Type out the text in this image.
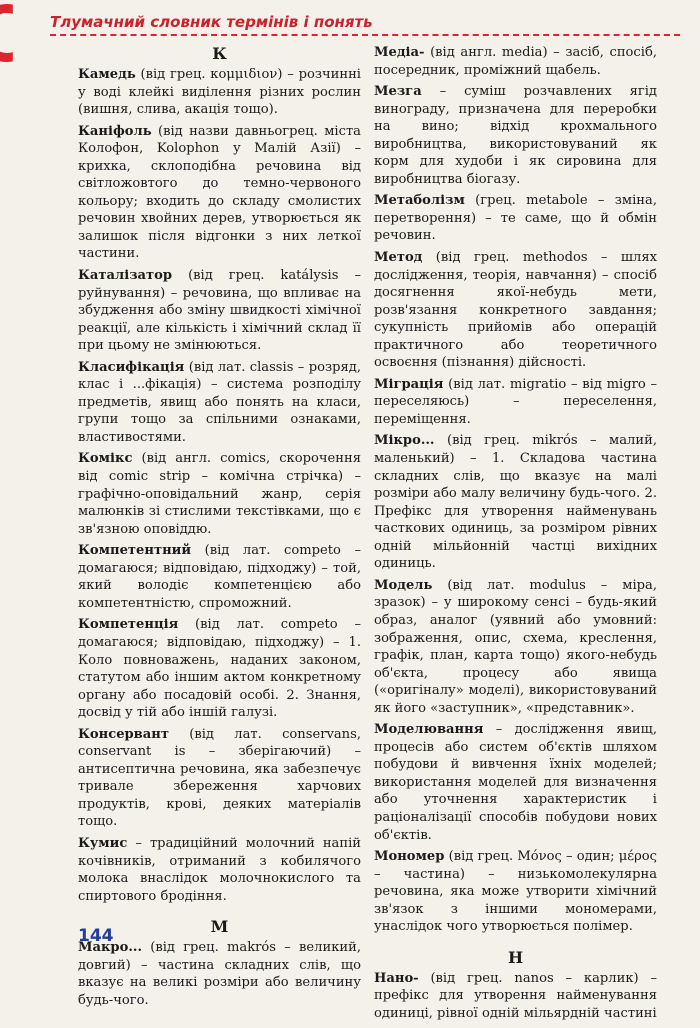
Тлумачний словник термінів і понять
К
Камедь (від грец. κομμιδιον) – розчинні у воді клейкі виділення різних рослин (вишня, слива, акація тощо).
Каніфоль (від назви давньогрец. міста Колофон, Kolophon у Малій Азії) – крихка, склоподібна речовина від світложовтого до темно-червоного кольору; входить до складу смолистих речовин хвойних дерев, утворюється як залишок після відгонки з них леткої частини.
Каталізатор (від грец. katálysis – руйнування) – речовина, що впливає на збудження або зміну швидкості хімічної реакції, але кількість і хімічний склад її при цьому не змінюються.
Класифікація (від лат. classis – розряд, клас і ...фікація) – система розподілу предметів, явищ або понять на класи, групи тощо за спільними ознаками, властивостями.
Комікс (від англ. comics, скорочення від comic strip – комічна стрічка) – графічно-оповідальний жанр, серія малюнків зі стислими текстівками, що є зв'язною оповіддю.
Компетентний (від лат. competo – домагаюся; відповідаю, підходжу) – той, який володіє компетенцією або компетентністю, спроможний.
Компетенція (від лат. competo – домагаюся; відповідаю, підходжу) – 1. Коло повноважень, наданих законом, статутом або іншим актом конкретному органу або посадовій особі. 2. Знання, досвід у тій або іншій галузі.
Консервант (від лат. conservans, conservant is – зберігаючий) – антисептична речовина, яка забезпечує тривале збереження харчових продуктів, крові, деяких матеріалів тощо.
Кумис – традиційний молочний напій кочівників, отриманий з кобилячого молока внаслідок молочнокислого та спиртового бродіння.
М
Макро... (від грец. makrós – великий, довгий) – частина складних слів, що вказує на великі розміри або величину будь-чого.
Медіа- (від англ. media) – засіб, спосіб, посередник, проміжний щабель.
Мезга – суміш розчавлених ягід винограду, призначена для переробки на вино; відхід крохмального виробництва, використовуваний як корм для худоби і як сировина для виробництва біогазу.
Метаболізм (грец. metabole – зміна, перетворення) – те саме, що й обмін речовин.
Метод (від грец. methodos – шлях дослідження, теорія, навчання) – спосіб досягнення якої-небудь мети, розв'язання конкретного завдання; сукупність прийомів або операцій практичного або теоретичного освоєння (пізнання) дійсності.
Міграція (від лат. migratio – від migro – переселяюсь) – переселення, переміщення.
Мікро... (від грец. mikrós – малий, маленький) – 1. Складова частина складних слів, що вказує на малі розміри або малу величину будь-чого. 2. Префікс для утворення найменувань часткових одиниць, за розміром рівних одній мільйонній частці вихідних одиниць.
Модель (від лат. modulus – міра, зразок) – у широкому сенсі – будь-який образ, аналог (уявний або умовний: зображення, опис, схема, креслення, графік, план, карта тощо) якого-небудь об'єкта, процесу або явища («оригіналу» моделі), використовуваний як його «заступник», «представник».
Моделювання – дослідження явищ, процесів або систем об'єктів шляхом побудови й вивчення їхніх моделей; використання моделей для визначення або уточнення характеристик і раціоналізації способів побудови нових об'єктів.
Мономер (від грец. Μόνος – один; μέρος – частина) – низькомолекулярна речовина, яка може утворити хімічний зв'язок з іншими мономерами, унаслідок чого утворюється полімер.
Н
Нано- (від грец. nanos – карлик) – префікс для утворення найменування одиниці, рівної одній мільярдній частині
144
